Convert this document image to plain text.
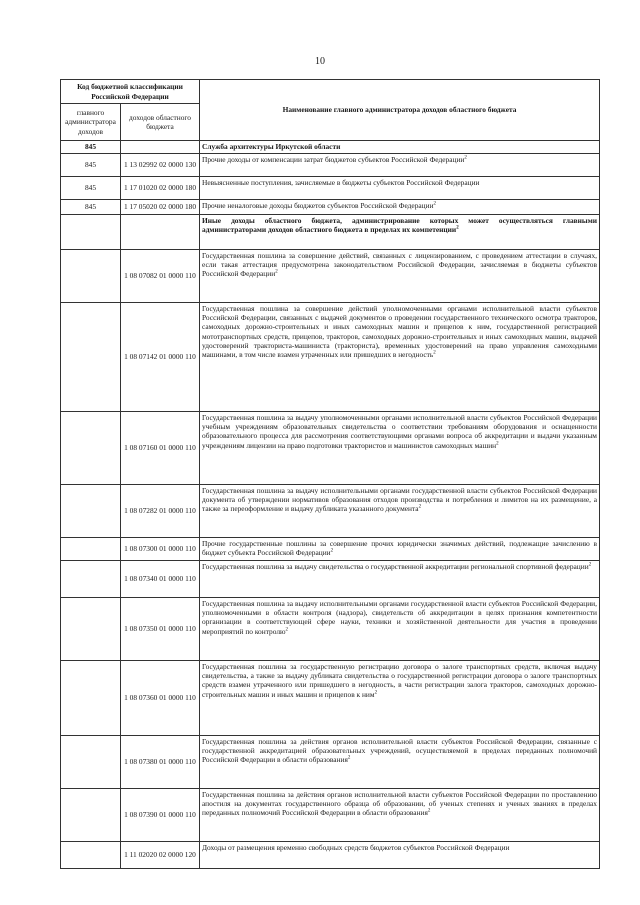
10
Код бюджетной классификации Российской Федерации		Наименование главного администратора доходов областного бюджета
главного администратора доходов	доходов областного бюджета	
845		Служба архитектуры Иркутской области
845	1 13 02992 02 0000 130	Прочие доходы от компенсации затрат бюджетов субъектов Российской Федерации$^2$
845	1 17 01020 02 0000 180	Невыясненные поступления, зачисляемые в бюджеты субъектов Российской Федерации
845	1 17 05020 02 0000 180	Прочие неналоговые доходы бюджетов субъектов Российской Федерации$^2$
		Иные доходы областного бюджета, администрирование которых может осуществляться главными администраторами доходов областного бюджета в пределах их компетенции$^2$
	1 08 07082 01 0000 110	Государственная пошлина за совершение действий, связанных с лицензированием, с проведением аттестации в случаях, если такая аттестация предусмотрена законодательством Российской Федерации, зачисляемая в бюджеты субъектов Российской Федерации$^2$
	1 08 07142 01 0000 110	Государственная пошлина за совершение действий уполномоченными органами исполнительной власти субъектов Российской Федерации, связанных с выдачей документов о проведении государственного технического осмотра тракторов, самоходных дорожно-строительных и иных самоходных машин и прицепов к ним, государственной регистрацией мототранспортных средств, прицепов, тракторов, самоходных дорожно-строительных и иных самоходных машин, выдачей удостоверений тракториста-машиниста (тракториста), временных удостоверений на право управления самоходными машинами, в том числе взамен утраченных или пришедших в негодность$^2$
	1 08 07160 01 0000 110	Государственная пошлина за выдачу уполномоченными органами исполнительной власти субъектов Российской Федерации учебным учреждениям образовательных свидетельства о соответствии требованиям оборудования и оснащенности образовательного процесса для рассмотрения соответствующими органами вопроса об аккредитации и выдачи указанным учреждениям лицензии на право подготовки трактористов и машинистов самоходных машин$^2$
	1 08 07282 01 0000 110	Государственная пошлина за выдачу исполнительными органами государственной власти субъектов Российской Федерации документа об утверждении нормативов образования отходов производства и потребления и лимитов на их размещение, а также за переоформление и выдачу дубликата указанного документа$^2$
	1 08 07300 01 0000 110	Прочие государственные пошлины за совершение прочих юридически значимых действий, подлежащие зачислению в бюджет субъекта Российской Федерации$^2$
	1 08 07340 01 0000 110	Государственная пошлина за выдачу свидетельства о государственной аккредитации региональной спортивной федерации$^2$
	1 08 07350 01 0000 110	Государственная пошлина за выдачу исполнительными органами государственной власти субъектов Российской Федерации, уполномоченными в области контроля (надзора), свидетельств об аккредитации в целях признания компетентности организации в соответствующей сфере науки, техники и хозяйственной деятельности для участия в проведении мероприятий по контролю$^2$
	1 08 07360 01 0000 110	Государственная пошлина за государственную регистрацию договора о залоге транспортных средств, включая выдачу свидетельства, а также за выдачу дубликата свидетельства о государственной регистрации договора о залоге транспортных средств взамен утраченного или пришедшего в негодность, в части регистрации залога тракторов, самоходных дорожно-строительных машин и иных машин и прицепов к ним$^2$
	1 08 07380 01 0000 110	Государственная пошлина за действия органов исполнительной власти субъектов Российской Федерации, связанные с государственной аккредитацией образовательных учреждений, осуществляемой в пределах переданных полномочий Российской Федерации в области образования$^2$
	1 08 07390 01 0000 110	Государственная пошлина за действия органов исполнительной власти субъектов Российской Федерации по проставлению апостиля на документах государственного образца об образовании, об ученых степенях и ученых званиях в пределах переданных полномочий Российской Федерации в области образования$^2$
	1 11 02020 02 0000 120	Доходы от размещения временно свободных средств бюджетов субъектов Российской Федерации
